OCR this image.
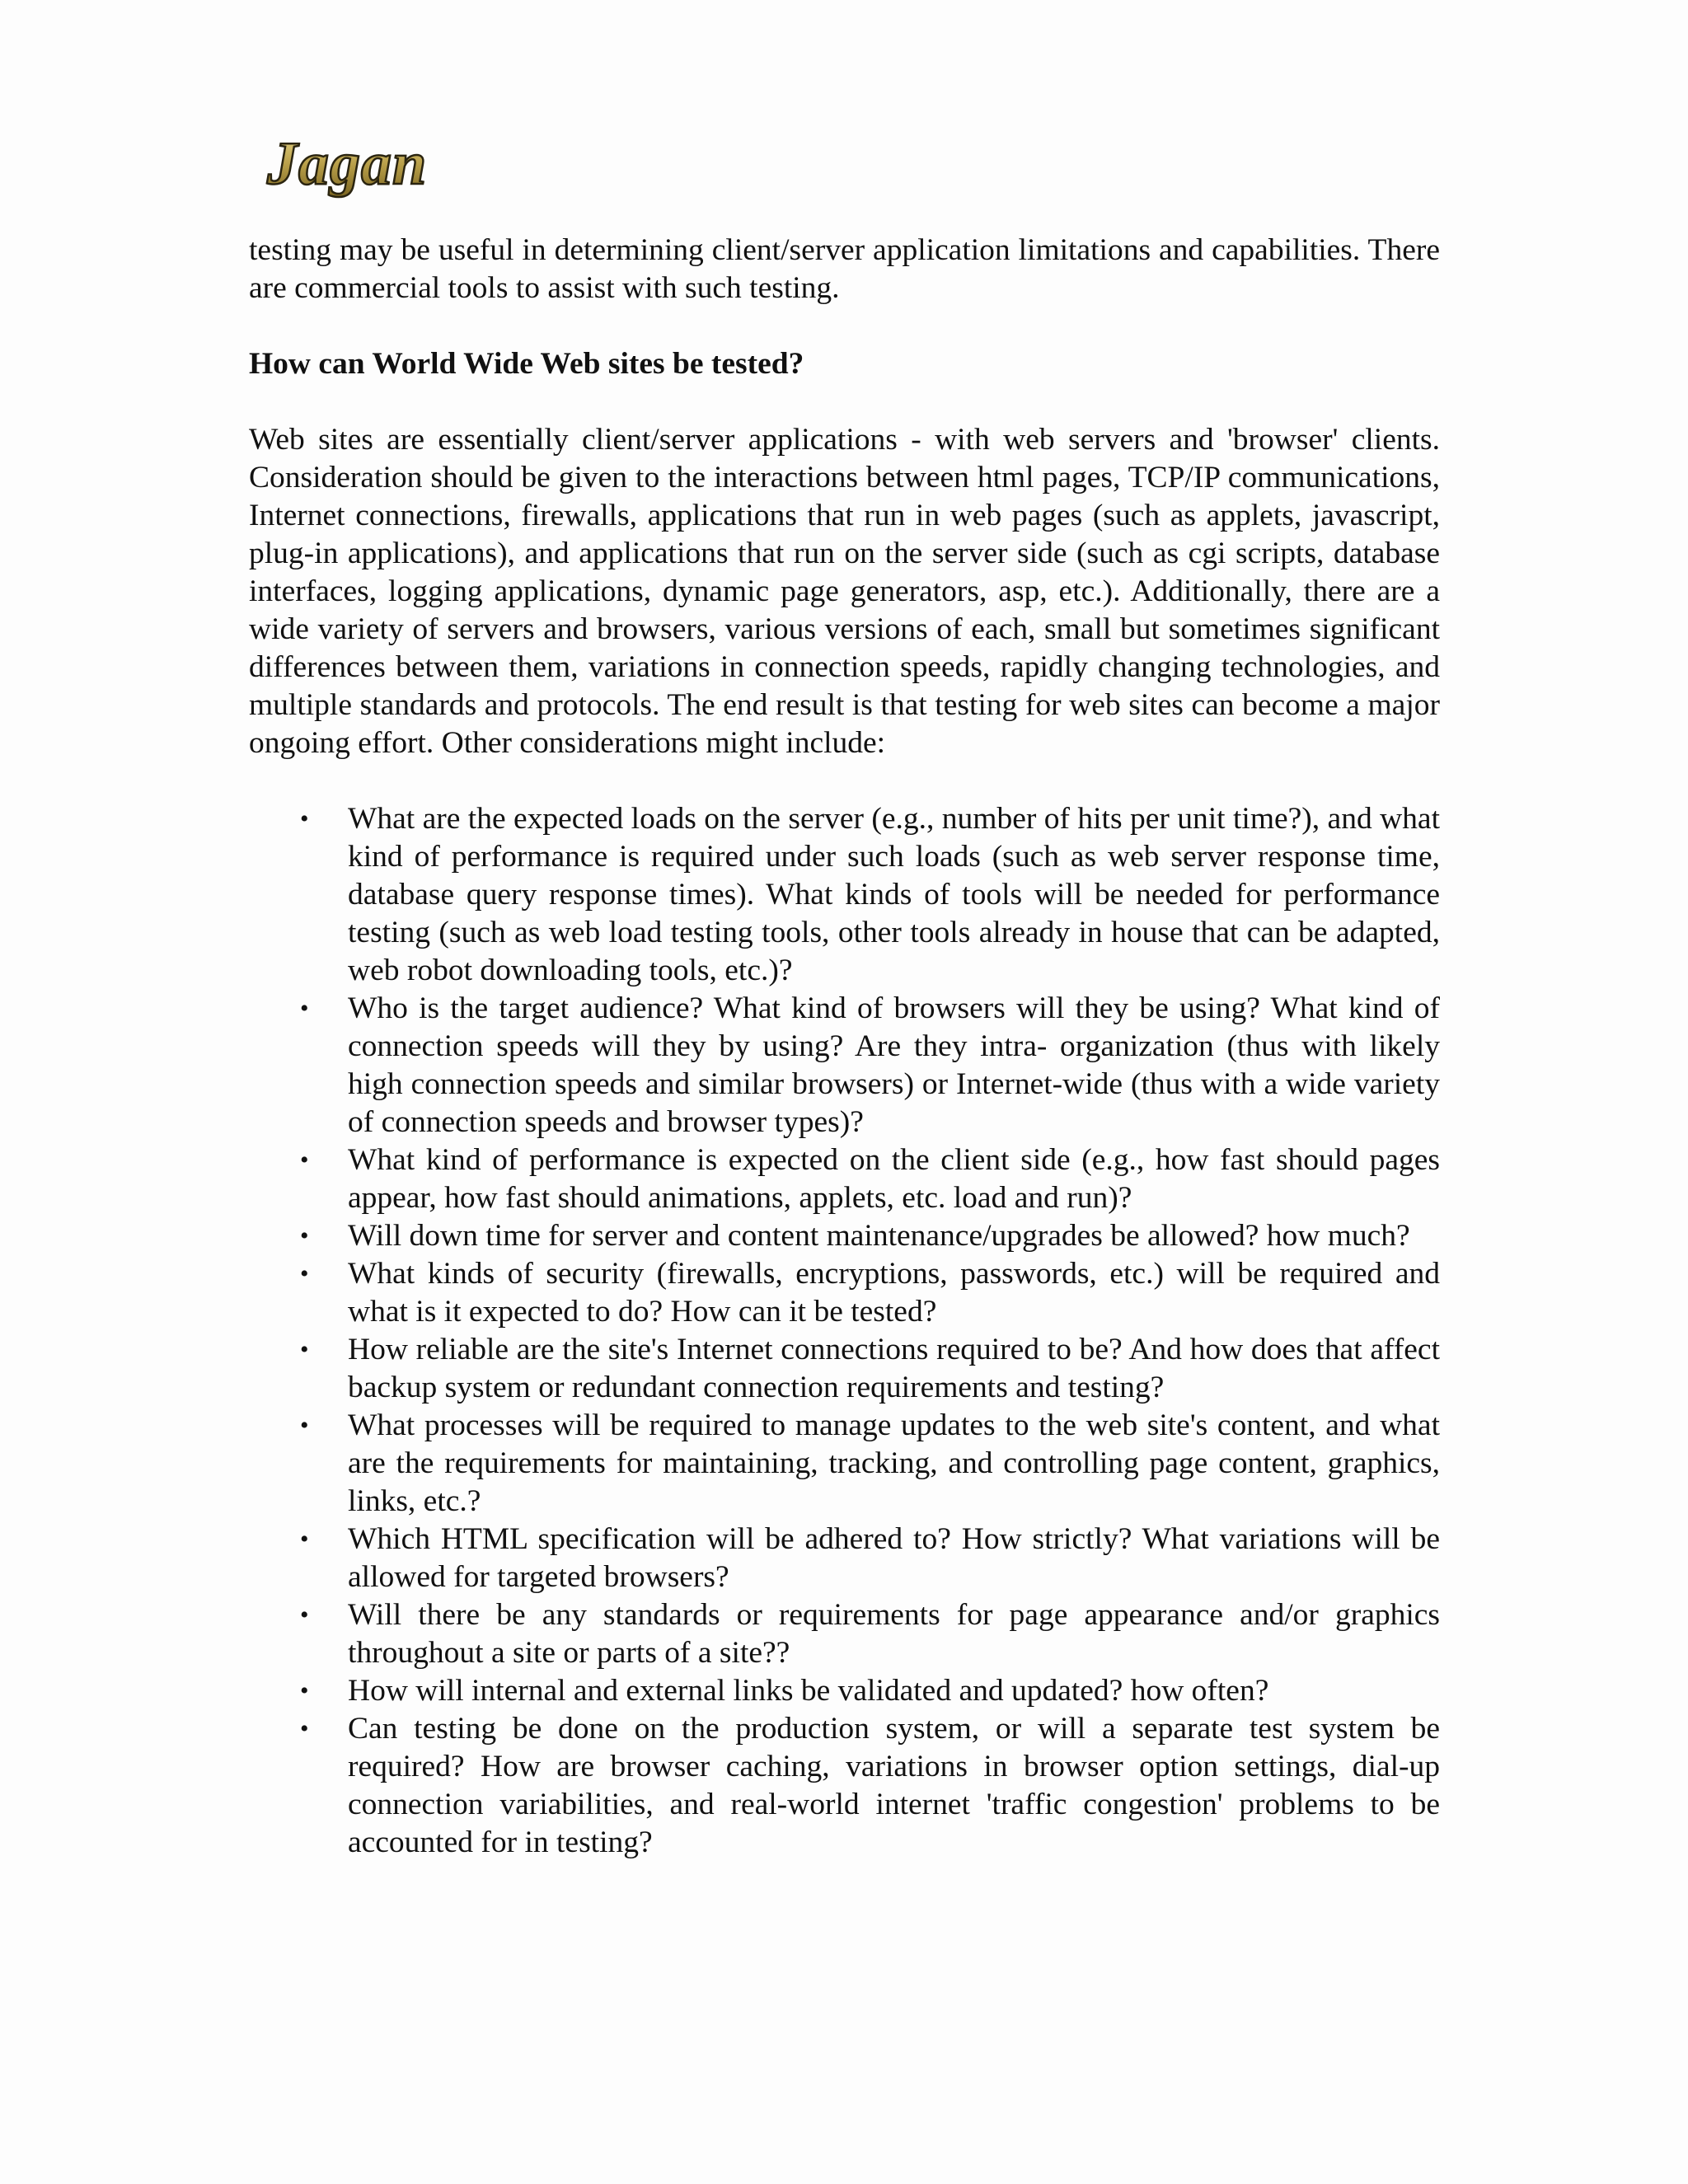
Jagan

testing may be useful in determining client/server application limitations and capabilities. There are commercial tools to assist with such testing.

How can World Wide Web sites be tested?

Web sites are essentially client/server applications - with web servers and 'browser' clients. Consideration should be given to the interactions between html pages, TCP/IP communications, Internet connections, firewalls, applications that run in web pages (such as applets, javascript, plug-in applications), and applications that run on the server side (such as cgi scripts, database interfaces, logging applications, dynamic page generators, asp, etc.). Additionally, there are a wide variety of servers and browsers, various versions of each, small but sometimes significant differences between them, variations in connection speeds, rapidly changing technologies, and multiple standards and protocols. The end result is that testing for web sites can become a major ongoing effort. Other considerations might include:

• What are the expected loads on the server (e.g., number of hits per unit time?), and what kind of performance is required under such loads (such as web server response time, database query response times). What kinds of tools will be needed for performance testing (such as web load testing tools, other tools already in house that can be adapted, web robot downloading tools, etc.)?
• Who is the target audience? What kind of browsers will they be using? What kind of connection speeds will they by using? Are they intra- organization (thus with likely high connection speeds and similar browsers) or Internet-wide (thus with a wide variety of connection speeds and browser types)?
• What kind of performance is expected on the client side (e.g., how fast should pages appear, how fast should animations, applets, etc. load and run)?
• Will down time for server and content maintenance/upgrades be allowed? how much?
• What kinds of security (firewalls, encryptions, passwords, etc.) will be required and what is it expected to do? How can it be tested?
• How reliable are the site's Internet connections required to be? And how does that affect backup system or redundant connection requirements and testing?
• What processes will be required to manage updates to the web site's content, and what are the requirements for maintaining, tracking, and controlling page content, graphics, links, etc.?
• Which HTML specification will be adhered to? How strictly? What variations will be allowed for targeted browsers?
• Will there be any standards or requirements for page appearance and/or graphics throughout a site or parts of a site??
• How will internal and external links be validated and updated? how often?
• Can testing be done on the production system, or will a separate test system be required? How are browser caching, variations in browser option settings, dial-up connection variabilities, and real-world internet 'traffic congestion' problems to be accounted for in testing?
